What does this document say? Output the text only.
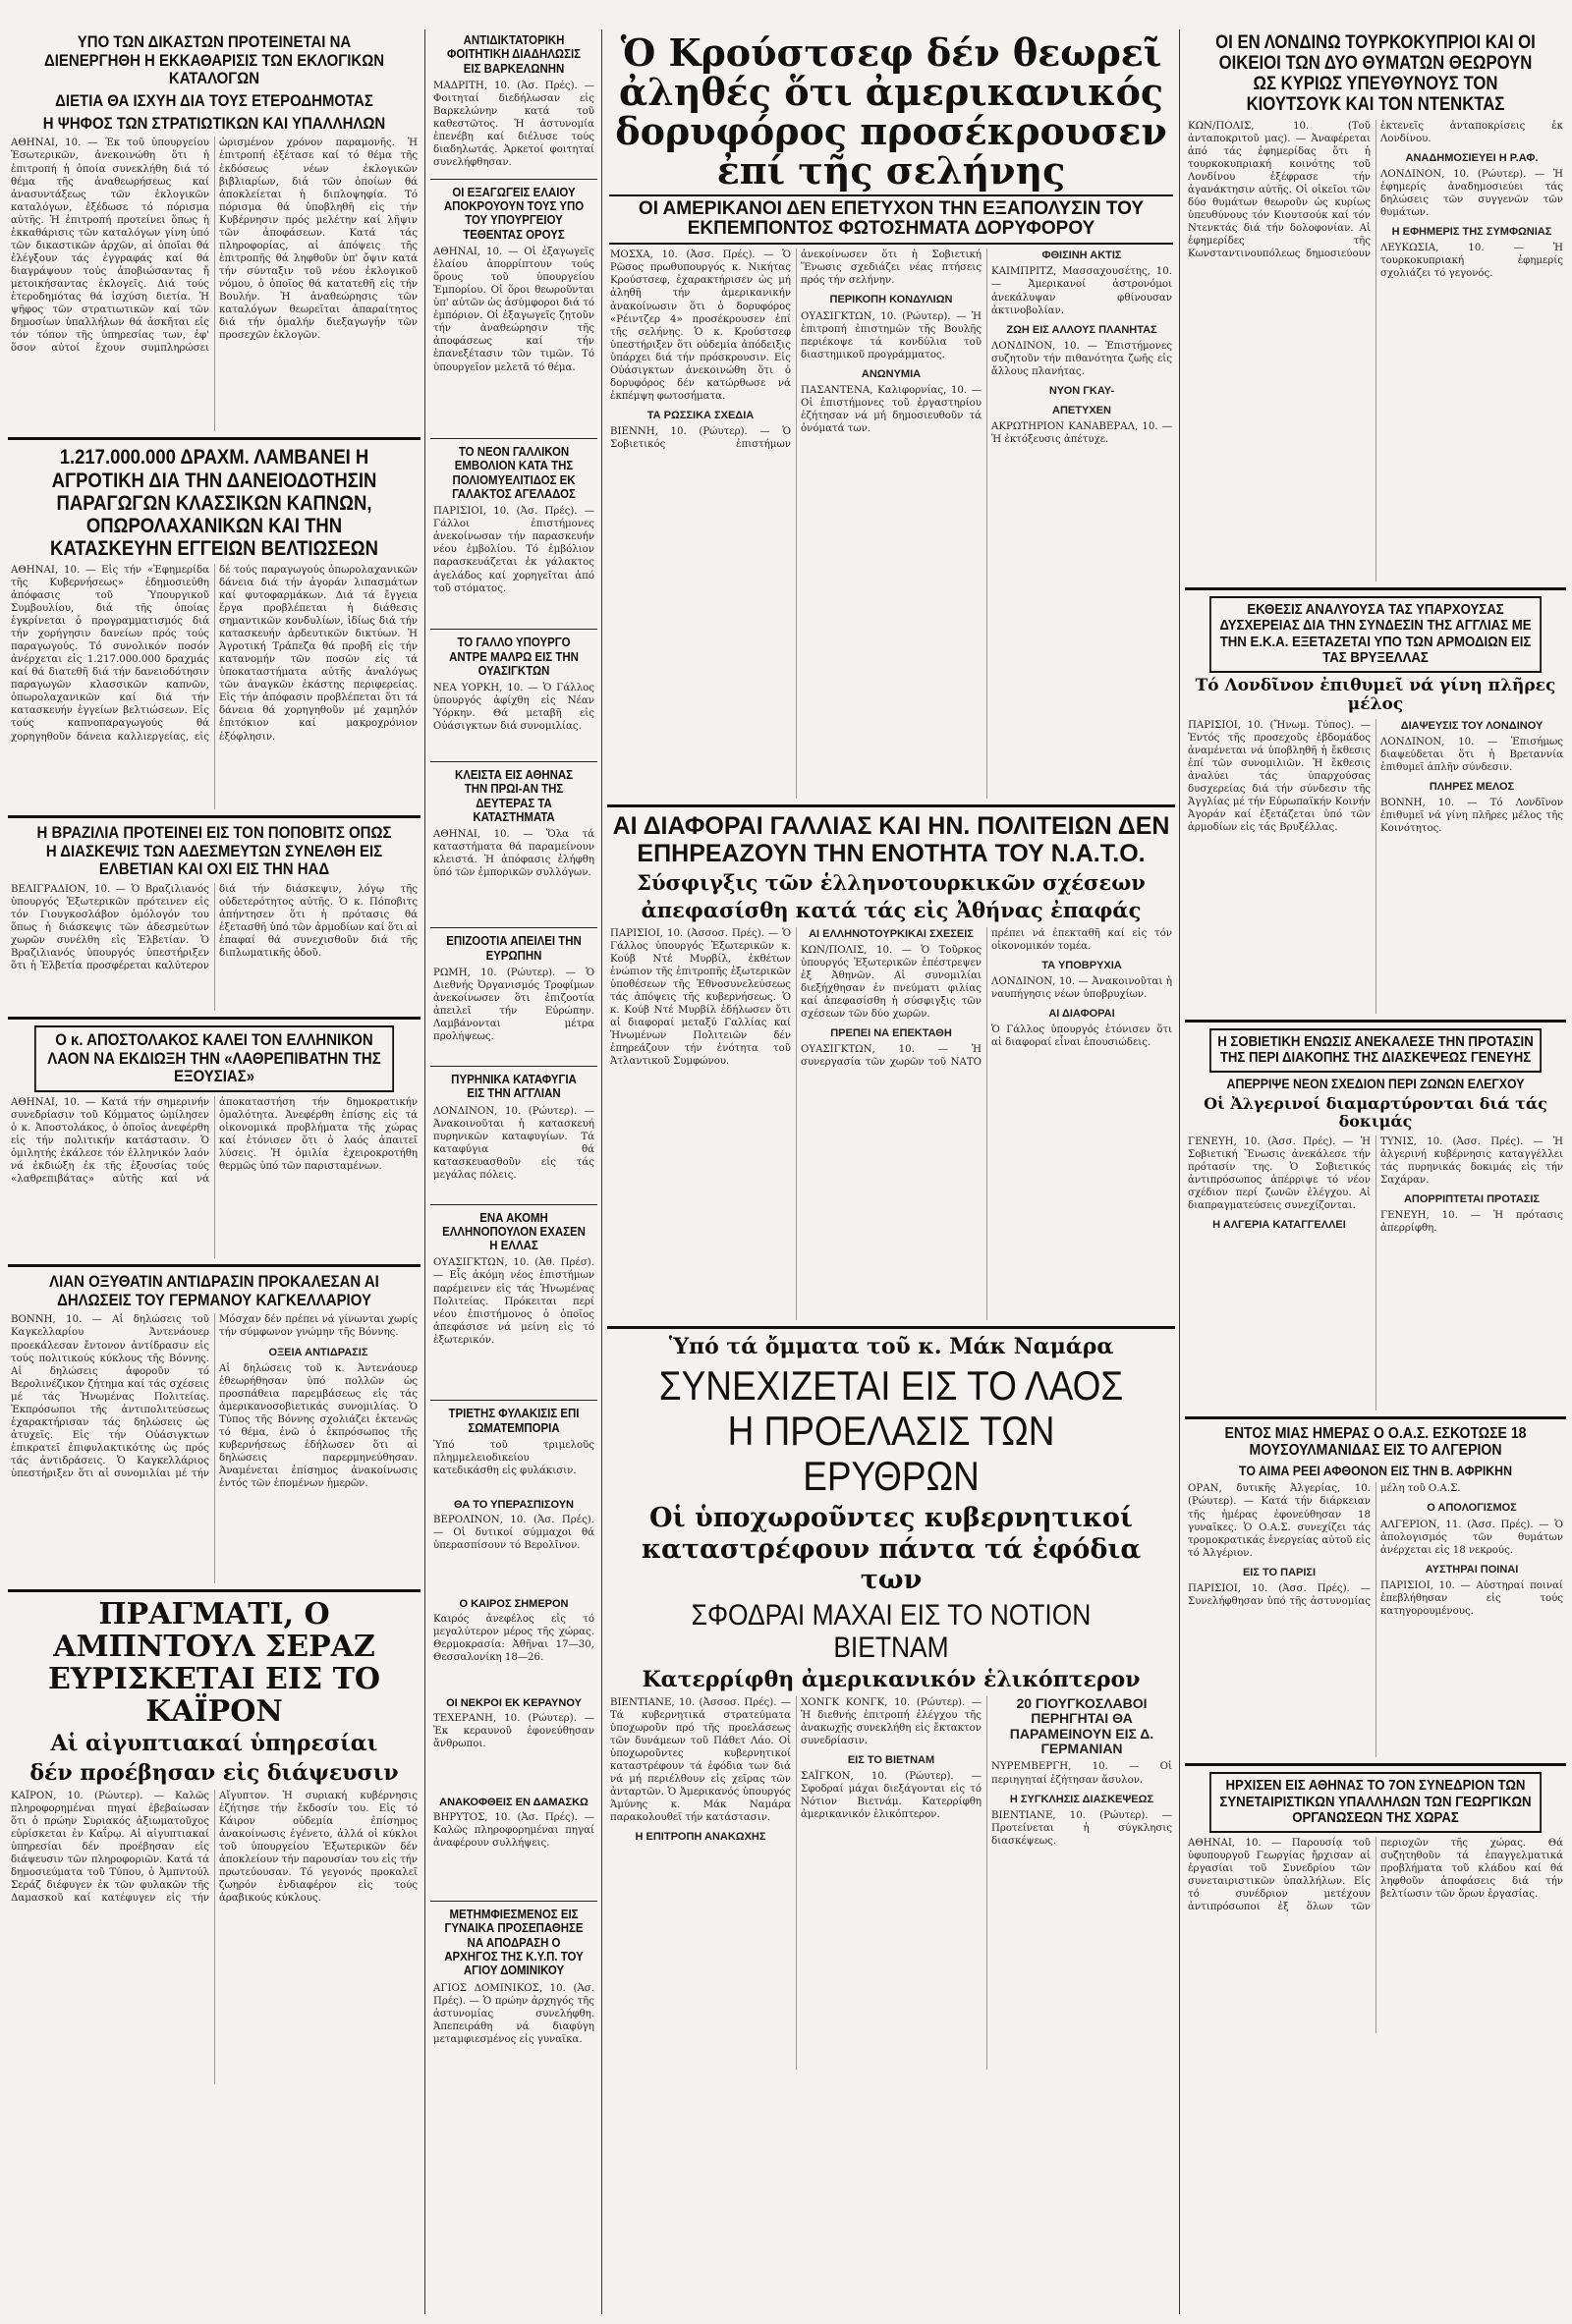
ΥΠΟ ΤΩΝ ΔΙΚΑΣΤΩΝ ΠΡΟΤΕΙΝΕΤΑΙ ΝΑ ΔΙΕΝΕΡΓΗΘΗ Η ΕΚΚΑΘΑΡΙΣΙΣ ΤΩΝ ΕΚΛΟΓΙΚΩΝ ΚΑΤΑΛΟΓΩΝ
ΔΙΕΤΙΑ ΘΑ ΙΣΧΥΗ ΔΙΑ ΤΟΥΣ ΕΤΕΡΟΔΗΜΟΤΑΣ
Η ΨΗΦΟΣ ΤΩΝ ΣΤΡΑΤΙΩΤΙΚΩΝ ΚΑΙ ΥΠΑΛΛΗΛΩΝ
ΑΘΗΝΑΙ, 10. — Έκ τοῦ ὑπουργείου Ἐσωτερικῶν, ἀνεκοινώθη ὅτι ἡ ἐπιτροπή ἡ ὁποία συνεκλήθη διά τό θέμα τῆς ἀναθεωρήσεως καί ἀνασυντάξεως τῶν ἐκλογικῶν καταλόγων, ἐξέδωσε τό πόρισμα αὐτῆς. Ἡ ἐπιτροπή προτείνει ὅπως ἡ ἐκκαθάρισις τῶν καταλόγων γίνη ὑπό τῶν δικαστικῶν ἀρχῶν, αἱ ὁποῖαι θά ἐλέγξουν τάς ἐγγραφάς καί θά διαγράψουν τούς ἀποβιώσαντας ἤ μετοικήσαντας ἐκλογεῖς. Διά τούς ἑτεροδημότας θά ἰσχύση διετία. Ἡ ψῆφος τῶν στρατιωτικῶν καί τῶν δημοσίων ὑπαλλήλων θά ἀσκῆται εἰς τόν τόπον τῆς ὑπηρεσίας των, ἐφ' ὅσον αὐτοί ἔχουν συμπληρώσει ὡρισμένον χρόνον παραμονῆς. Ἡ ἐπιτροπή ἐξέτασε καί τό θέμα τῆς ἐκδόσεως νέων ἐκλογικῶν βιβλιαρίων, διά τῶν ὁποίων θά ἀποκλείεται ἡ διπλοψηφία. Τό πόρισμα θά ὑποβληθῆ εἰς τήν Κυβέρνησιν πρός μελέτην καί λῆψιν τῶν ἀποφάσεων. Κατά τάς πληροφορίας, αἱ ἀπόψεις τῆς ἐπιτροπῆς θά ληφθοῦν ὑπ' ὄψιν κατά τήν σύνταξιν τοῦ νέου ἐκλογικοῦ νόμου, ὁ ὁποῖος θά κατατεθῆ εἰς τήν Βουλήν. Ἡ ἀναθεώρησις τῶν καταλόγων θεωρεῖται ἀπαραίτητος διά τήν ὁμαλήν διεξαγωγήν τῶν προσεχῶν ἐκλογῶν.
1.217.000.000 ΔΡΑΧΜ. ΛΑΜΒΑΝΕΙ Η ΑΓΡΟΤΙΚΗ ΔΙΑ ΤΗΝ ΔΑΝΕΙΟΔΟΤΗΣΙΝ ΠΑΡΑΓΩΓΩΝ ΚΛΑΣΣΙΚΩΝ ΚΑΠΝΩΝ, ΟΠΩΡΟΛΑΧΑΝΙΚΩΝ ΚΑΙ ΤΗΝ ΚΑΤΑΣΚΕΥΗΝ ΕΓΓΕΙΩΝ ΒΕΛΤΙΩΣΕΩΝ
ΑΘΗΝΑΙ, 10. — Εἰς τήν «Ἐφημερίδα τῆς Κυβερνήσεως» ἐδημοσιεύθη ἀπόφασις τοῦ Ὑπουργικοῦ Συμβουλίου, διά τῆς ὁποίας ἐγκρίνεται ὁ προγραμματισμός διά τήν χορήγησιν δανείων πρός τούς παραγωγούς. Τό συνολικόν ποσόν ἀνέρχεται εἰς 1.217.000.000 δραχμάς καί θά διατεθῆ διά τήν δανειοδότησιν παραγωγῶν κλασσικῶν καπνῶν, ὀπωρολαχανικῶν καί διά τήν κατασκευήν ἐγγείων βελτιώσεων. Εἰς τούς καπνοπαραγωγούς θά χορηγηθοῦν δάνεια καλλιεργείας, εἰς δέ τούς παραγωγούς ὀπωρολαχανικῶν δάνεια διά τήν ἀγοράν λιπασμάτων καί φυτοφαρμάκων. Διά τά ἔγγεια ἔργα προβλέπεται ἡ διάθεσις σημαντικῶν κονδυλίων, ἰδίως διά τήν κατασκευήν ἀρδευτικῶν δικτύων. Ἡ Ἀγροτική Τράπεζα θά προβῆ εἰς τήν κατανομήν τῶν ποσῶν εἰς τά ὑποκαταστήματα αὐτῆς ἀναλόγως τῶν ἀναγκῶν ἑκάστης περιφερείας. Εἰς τήν ἀπόφασιν προβλέπεται ὅτι τά δάνεια θά χορηγηθοῦν μέ χαμηλόν ἐπιτόκιον καί μακροχρόνιον ἐξόφλησιν.
Η ΒΡΑΖΙΛΙΑ ΠΡΟΤΕΙΝΕΙ ΕΙΣ ΤΟΝ ΠΟΠΟΒΙΤΣ ΟΠΩΣ Η ΔΙΑΣΚΕΨΙΣ ΤΩΝ ΑΔΕΣΜΕΥΤΩΝ ΣΥΝΕΛΘΗ ΕΙΣ ΕΛΒΕΤΙΑΝ ΚΑΙ ΟΧΙ ΕΙΣ ΤΗΝ ΗΑΔ
ΒΕΛΙΓΡΑΔΙΟΝ, 10. — Ὁ Βραζιλιανός ὑπουργός Ἐξωτερικῶν πρότεινεν εἰς τόν Γιουγκοσλάβον ὁμόλογόν του ὅπως ἡ διάσκεψις τῶν ἀδεσμεύτων χωρῶν συνέλθη εἰς Ἐλβετίαν. Ὁ Βραζιλιανός ὑπουργός ὑπεστήριξεν ὅτι ἡ Ἐλβετία προσφέρεται καλύτερον διά τήν διάσκεψιν, λόγῳ τῆς οὐδετερότητος αὐτῆς. Ὁ κ. Πόποβιτς ἀπήντησεν ὅτι ἡ πρότασις θά ἐξετασθῆ ὑπό τῶν ἀρμοδίων καί ὅτι αἱ ἐπαφαί θά συνεχισθοῦν διά τῆς διπλωματικῆς ὁδοῦ.
Ο κ. ΑΠΟΣΤΟΛΑΚΟΣ ΚΑΛΕΙ ΤΟΝ ΕΛΛΗΝΙΚΟΝ ΛΑΟΝ ΝΑ ΕΚΔΙΩΞΗ ΤΗΝ «ΛΑΘΡΕΠΙΒΑΤΗΝ ΤΗΣ ΕΞΟΥΣΙΑΣ»
ΑΘΗΝΑΙ, 10. — Κατά τήν σημερινήν συνεδρίασιν τοῦ Κόμματος ὡμίλησεν ὁ κ. Ἀποστολάκος, ὁ ὁποῖος ἀνεφέρθη εἰς τήν πολιτικήν κατάστασιν. Ὁ ὁμιλητής ἐκάλεσε τόν ἑλληνικόν λαόν νά ἐκδιώξη ἐκ τῆς ἐξουσίας τούς «λαθρεπιβάτας» αὐτῆς καί νά ἀποκαταστήση τήν δημοκρατικήν ὁμαλότητα. Ἀνεφέρθη ἐπίσης εἰς τά οἰκονομικά προβλήματα τῆς χώρας καί ἐτόνισεν ὅτι ὁ λαός ἀπαιτεῖ λύσεις. Ἡ ὁμιλία ἐχειροκροτήθη θερμῶς ὑπό τῶν παρισταμένων.
ΛΙΑΝ ΟΞΥΘΑΤΙΝ ΑΝΤΙΔΡΑΣΙΝ ΠΡΟΚΑΛΕΣΑΝ ΑΙ ΔΗΛΩΣΕΙΣ ΤΟΥ ΓΕΡΜΑΝΟΥ ΚΑΓΚΕΛΛΑΡΙΟΥ
ΒΟΝΝΗ, 10. — Αἱ δηλώσεις τοῦ Καγκελλαρίου Ἀντενάουερ προεκάλεσαν ἔντονον ἀντίδρασιν εἰς τούς πολιτικούς κύκλους τῆς Βόννης. Αἱ δηλώσεις ἀφοροῦν τό Βερολινέζικον ζήτημα καί τάς σχέσεις μέ τάς Ἡνωμένας Πολιτείας. Ἐκπρόσωποι τῆς ἀντιπολιτεύσεως ἐχαρακτήρισαν τάς δηλώσεις ὡς ἀτυχεῖς. Εἰς τήν Οὐάσιγκτων ἐπικρατεῖ ἐπιφυλακτικότης ὡς πρός τάς ἀντιδράσεις. Ὁ Καγκελλάριος ὑπεστήριξεν ὅτι αἱ συνομιλίαι μέ τήν Μόσχαν δέν πρέπει νά γίνωνται χωρίς τήν σύμφωνον γνώμην τῆς Βόννης.
ΟΞΕΙΑ ΑΝΤΙΔΡΑΣΙΣ
Αἱ δηλώσεις τοῦ κ. Ἀντενάουερ ἐθεωρήθησαν ὑπό πολλῶν ὡς προσπάθεια παρεμβάσεως εἰς τάς ἀμερικανοσοβιετικάς συνομιλίας. Ὁ Τύπος τῆς Βόννης σχολιάζει ἐκτενῶς τό θέμα, ἐνῶ ὁ ἐκπρόσωπος τῆς κυβερνήσεως ἐδήλωσεν ὅτι αἱ δηλώσεις παρερμηνεύθησαν. Ἀναμένεται ἐπίσημος ἀνακοίνωσις ἐντός τῶν ἑπομένων ἡμερῶν.
ΠΡΑΓΜΑΤΙ, Ο ΑΜΠΝΤΟΥΛ ΣΕΡΑΖ ΕΥΡΙΣΚΕΤΑΙ ΕΙΣ ΤΟ ΚΑΪΡΟΝ
Αἱ αἰγυπτιακαί ὑπηρεσίαι
δέν προέβησαν εἰς διάψευσιν
ΚΑΪΡΟΝ, 10. (Ρώυτερ). — Καλῶς πληροφορημέναι πηγαί ἐβεβαίωσαν ὅτι ὁ πρώην Συριακός ἀξιωματοῦχος εὑρίσκεται ἐν Καΐρῳ. Αἱ αἰγυπτιακαί ὑπηρεσίαι δέν προέβησαν εἰς διάψευσιν τῶν πληροφοριῶν. Κατά τά δημοσιεύματα τοῦ Τύπου, ὁ Ἀμπντούλ Σεράζ διέφυγεν ἐκ τῶν φυλακῶν τῆς Δαμασκοῦ καί κατέφυγεν εἰς τήν Αἴγυπτον. Ἡ συριακή κυβέρνησις ἐζήτησε τήν ἔκδοσίν του. Εἰς τό Κάιρον οὐδεμία ἐπίσημος ἀνακοίνωσις ἐγένετο, ἀλλά οἱ κύκλοι τοῦ ὑπουργείου Ἐξωτερικῶν δέν ἀποκλείουν τήν παρουσίαν του εἰς τήν πρωτεύουσαν. Τό γεγονός προκαλεῖ ζωηρόν ἐνδιαφέρον εἰς τούς ἀραβικούς κύκλους.
ΑΝΤΙΔΙΚΤΑΤΟΡΙΚΗ ΦΟΙΤΗΤΙΚΗ ΔΙΑΔΗΛΩΣΙΣ ΕΙΣ ΒΑΡΚΕΛΩΝΗΝ
ΜΑΔΡΙΤΗ, 10. (Ἀσ. Πρές). — Φοιτηταί διεδήλωσαν εἰς Βαρκελώνην κατά τοῦ καθεστῶτος. Ἡ ἀστυνομία ἐπενέβη καί διέλυσε τούς διαδηλωτάς. Ἀρκετοί φοιτηταί συνελήφθησαν.
ΟΙ ΕΞΑΓΩΓΕΙΣ ΕΛΑΙΟΥ ΑΠΟΚΡΟΥΟΥΝ ΤΟΥΣ ΥΠΟ ΤΟΥ ΥΠΟΥΡΓΕΙΟΥ ΤΕΘΕΝΤΑΣ ΟΡΟΥΣ
ΑΘΗΝΑΙ, 10. — Οἱ ἐξαγωγεῖς ἐλαίου ἀπορρίπτουν τούς ὅρους τοῦ ὑπουργείου Ἐμπορίου. Οἱ ὅροι θεωροῦνται ὑπ' αὐτῶν ὡς ἀσύμφοροι διά τό ἐμπόριον. Οἱ ἐξαγωγεῖς ζητοῦν τήν ἀναθεώρησιν τῆς ἀποφάσεως καί τήν ἐπανεξέτασιν τῶν τιμῶν. Τό ὑπουργεῖον μελετᾶ τό θέμα.
ΤΟ ΝΕΟΝ ΓΑΛΛΙΚΟΝ ΕΜΒΟΛΙΟΝ ΚΑΤΑ ΤΗΣ ΠΟΛΙΟΜΥΕΛΙΤΙΔΟΣ ΕΚ ΓΑΛΑΚΤΟΣ ΑΓΕΛΑΔΟΣ
ΠΑΡΙΣΙΟΙ, 10. (Ἀσ. Πρές). — Γάλλοι ἐπιστήμονες ἀνεκοίνωσαν τήν παρασκευήν νέου ἐμβολίου. Τό ἐμβόλιον παρασκευάζεται ἐκ γάλακτος ἀγελάδος καί χορηγεῖται ἀπό τοῦ στόματος.
ΤΟ ΓΑΛΛΟ ΥΠΟΥΡΓΟ ΑΝΤΡΕ ΜΑΛΡΩ ΕΙΣ ΤΗΝ ΟΥΑΣΙΓΚΤΩΝ
ΝΕΑ ΥΟΡΚΗ, 10. — Ὁ Γάλλος ὑπουργός ἀφίχθη εἰς Νέαν Ὑόρκην. Θά μεταβῆ εἰς Οὐάσιγκτων διά συνομιλίας.
ΚΛΕΙΣΤΑ ΕΙΣ ΑΘΗΝΑΣ ΤΗΝ ΠΡΩΙ-ΑΝ ΤΗΣ ΔΕΥΤΕΡΑΣ ΤΑ ΚΑΤΑΣΤΗΜΑΤΑ
ΑΘΗΝΑΙ, 10. — Ὅλα τά καταστήματα θά παραμείνουν κλειστά. Ἡ ἀπόφασις ἐλήφθη ὑπό τῶν ἐμπορικῶν συλλόγων.
ΕΠΙΖΟΟΤΙΑ ΑΠΕΙΛΕΙ ΤΗΝ ΕΥΡΩΠΗΝ
ΡΩΜΗ, 10. (Ρώυτερ). — Ὁ Διεθνής Ὀργανισμός Τροφίμων ἀνεκοίνωσεν ὅτι ἐπιζοοτία ἀπειλεῖ τήν Εὐρώπην. Λαμβάνονται μέτρα προλήψεως.
ΠΥΡΗΝΙΚΑ ΚΑΤΑΦΥΓΙΑ ΕΙΣ ΤΗΝ ΑΓΓΛΙΑΝ
ΛΟΝΔΙΝΟΝ, 10. (Ρώυτερ). — Ἀνακοινοῦται ἡ κατασκευή πυρηνικῶν καταφυγίων. Τά καταφύγια θά κατασκευασθοῦν εἰς τάς μεγάλας πόλεις.
ΕΝΑ ΑΚΟΜΗ ΕΛΛΗΝΟΠΟΥΛΟΝ ΕΧΑΣΕΝ Η ΕΛΛΑΣ
ΟΥΑΣΙΓΚΤΩΝ, 10. (Ἀθ. Πρέσ). — Εἷς ἀκόμη νέος ἐπιστήμων παρέμεινεν εἰς τάς Ἡνωμένας Πολιτείας. Πρόκειται περί νέου ἐπιστήμονος ὁ ὁποῖος ἀπεφάσισε νά μείνη εἰς τό ἐξωτερικόν.
ΤΡΙΕΤΗΣ ΦΥΛΑΚΙΣΙΣ ΕΠΙ ΣΩΜΑΤΕΜΠΟΡΙΑ
Ὑπό τοῦ τριμελοῦς πλημμελειοδικείου κατεδικάσθη εἰς φυλάκισιν.
ΘΑ ΤΟ ΥΠΕΡΑΣΠΙΣΟΥΝ
ΒΕΡΟΛΙΝΟΝ, 10. (Ἀσ. Πρές). — Οἱ δυτικοί σύμμαχοι θά ὑπερασπίσουν τό Βερολῖνον.
Ο ΚΑΙΡΟΣ ΣΗΜΕΡΟΝ
Καιρός ἀνεφέλος εἰς τό μεγαλύτερον μέρος τῆς χώρας. Θερμοκρασία: Ἀθῆναι 17—30, Θεσσαλονίκη 18—26.
ΟΙ ΝΕΚΡΟΙ ΕΚ ΚΕΡΑΥΝΟΥ
ΤΕΧΕΡΑΝΗ, 10. (Ρώυτερ). — Ἐκ κεραυνοῦ ἐφονεύθησαν ἄνθρωποι.
ΑΝΑΚΟΦΘΕΙΣ ΕΝ ΔΑΜΑΣΚΩ
ΒΗΡΥΤΟΣ, 10. (Ἀσ. Πρές). — Καλῶς πληροφορημέναι πηγαί ἀναφέρουν συλλήψεις.
ΜΕΤΗΜΦΙΕΣΜΕΝΟΣ ΕΙΣ ΓΥΝΑΙΚΑ ΠΡΟΣΕΠΑΘΗΣΕ ΝΑ ΑΠΟΔΡΑΣΗ Ο ΑΡΧΗΓΟΣ ΤΗΣ Κ.Υ.Π. ΤΟΥ ΑΓΙΟΥ ΔΟΜΙΝΙΚΟΥ
ΑΓΙΟΣ ΔΟΜΙΝΙΚΟΣ, 10. (Ἀσ. Πρές). — Ὁ πρώην ἀρχηγός τῆς ἀστυνομίας συνελήφθη. Ἀπεπειράθη νά διαφύγη μεταμφιεσμένος εἰς γυναῖκα.
Ὁ Κρούστσεφ δέν θεωρεῖ ἀληθές ὅτι ἀμερικανικός δορυφόρος προσέκρουσεν ἐπί τῆς σελήνης
ΟΙ ΑΜΕΡΙΚΑΝΟΙ ΔΕΝ ΕΠΕΤΥΧΟΝ ΤΗΝ ΕΞΑΠΟΛΥΣΙΝ ΤΟΥ ΕΚΠΕΜΠΟΝΤΟΣ ΦΩΤΟΣΗΜΑΤΑ ΔΟΡΥΦΟΡΟΥ
ΜΟΣΧΑ, 10. (Ἀσσ. Πρές). — Ὁ Ρῶσος πρωθυπουργός κ. Νικήτας Κρούστσεφ, ἐχαρακτήρισεν ὡς μή ἀληθῆ τήν ἀμερικανικήν ἀνακοίνωσιν ὅτι ὁ δορυφόρος «Ρέιντζερ 4» προσέκρουσεν ἐπί τῆς σελήνης. Ὁ κ. Κρούστσεφ ὑπεστήριξεν ὅτι οὐδεμία ἀπόδειξις ὑπάρχει διά τήν πρόσκρουσιν. Εἰς Οὐάσιγκτων ἀνεκοινώθη ὅτι ὁ δορυφόρος δέν κατώρθωσε νά ἐκπέμψη φωτοσήματα.
ΤΑ ΡΩΣΣΙΚΑ ΣΧΕΔΙΑ
ΒΙΕΝΝΗ, 10. (Ρώυτερ). — Ὁ Σοβιετικός ἐπιστήμων ἀνεκοίνωσεν ὅτι ἡ Σοβιετική Ἕνωσις σχεδιάζει νέας πτήσεις πρός τήν σελήνην.
ΠΕΡΙΚΟΠΗ ΚΟΝΔΥΛΙΩΝ
ΟΥΑΣΙΓΚΤΩΝ, 10. (Ρώυτερ). — Ἡ ἐπιτροπή ἐπιστημῶν τῆς Βουλῆς περιέκοψε τά κονδύλια τοῦ διαστημικοῦ προγράμματος.
ΑΝΩΝΥΜΙΑ
ΠΑΣΑΝΤΕΝΑ, Καλιφορνίας, 10. — Οἱ ἐπιστήμονες τοῦ ἐργαστηρίου ἐζήτησαν νά μή δημοσιευθοῦν τά ὀνόματά των.
ΦΘΙΣΙΝΗ ΑΚΤΙΣ
ΚΑΙΜΠΡΙΤΖ, Μασσαχουσέτης, 10. — Ἀμερικανοί ἀστρονόμοι ἀνεκάλυψαν φθίνουσαν ἀκτινοβολίαν.
ΖΩΗ ΕΙΣ ΑΛΛΟΥΣ ΠΛΑΝΗΤΑΣ
ΛΟΝΔΙΝΟΝ, 10. — Ἐπιστήμονες συζητοῦν τήν πιθανότητα ζωῆς εἰς ἄλλους πλανήτας.
ΝΥΟΝ ΓΚΑΥ-
ΑΠΕΤΥΧΕΝ
ΑΚΡΩΤΗΡΙΟΝ ΚΑΝΑΒΕΡΑΛ, 10. — Ἡ ἐκτόξευσις ἀπέτυχε.
ΑΙ ΔΙΑΦΟΡΑΙ ΓΑΛΛΙΑΣ ΚΑΙ ΗΝ. ΠΟΛΙΤΕΙΩΝ ΔΕΝ ΕΠΗΡΕΑΖΟΥΝ ΤΗΝ ΕΝΟΤΗΤΑ ΤΟΥ Ν.Α.Τ.Ο.
Σύσφιγξις τῶν ἑλληνοτουρκικῶν σχέσεων
ἀπεφασίσθη κατά τάς εἰς Ἀθήνας ἐπαφάς
ΠΑΡΙΣΙΟΙ, 10. (Ἀσσοσ. Πρές). — Ὁ Γάλλος ὑπουργός Ἐξωτερικῶν κ. Κούβ Ντέ Μυρβίλ, ἐκθέτων ἐνώπιον τῆς ἐπιτροπῆς ἐξωτερικῶν ὑποθέσεων τῆς Ἐθνοσυνελεύσεως τάς ἀπόψεις τῆς κυβερνήσεως. Ὁ κ. Κούβ Ντέ Μυρβίλ ἐδήλωσεν ὅτι αἱ διαφοραί μεταξύ Γαλλίας καί Ἡνωμένων Πολιτειῶν δέν ἐπηρεάζουν τήν ἑνότητα τοῦ Ἀτλαντικοῦ Συμφώνου.
ΑΙ ΕΛΛΗΝΟΤΟΥΡΚΙΚΑΙ ΣΧΕΣΕΙΣ
ΚΩΝ/ΠΟΛΙΣ, 10. — Ὁ Τοῦρκος ὑπουργός Ἐξωτερικῶν ἐπέστρεψεν ἐξ Ἀθηνῶν. Αἱ συνομιλίαι διεξήχθησαν ἐν πνεύματι φιλίας καί ἀπεφασίσθη ἡ σύσφιγξις τῶν σχέσεων τῶν δύο χωρῶν.
ΠΡΕΠΕΙ ΝΑ ΕΠΕΚΤΑΘΗ
ΟΥΑΣΙΓΚΤΩΝ, 10. — Ἡ συνεργασία τῶν χωρῶν τοῦ ΝΑΤΟ πρέπει νά ἐπεκταθῆ καί εἰς τόν οἰκονομικόν τομέα.
ΤΑ ΥΠΟΒΡΥΧΙΑ
ΛΟΝΔΙΝΟΝ, 10. — Ἀνακοινοῦται ἡ ναυπήγησις νέων ὑποβρυχίων.
ΑΙ ΔΙΑΦΟΡΑΙ
Ὁ Γάλλος ὑπουργός ἐτόνισεν ὅτι αἱ διαφοραί εἶναι ἐπουσιώδεις.
Ὑπό τά ὄμματα τοῦ κ. Μάκ Ναμάρα
ΣΥΝΕΧΙΖΕΤΑΙ ΕΙΣ ΤΟ ΛΑΟΣ Η ΠΡΟΕΛΑΣΙΣ ΤΩΝ ΕΡΥΘΡΩΝ
Οἱ ὑποχωροῦντες κυβερνητικοί καταστρέφουν πάντα τά ἐφόδια των
ΣΦΟΔΡΑΙ ΜΑΧΑΙ ΕΙΣ ΤΟ ΝΟΤΙΟΝ ΒΙΕΤΝΑΜ
Κατερρίφθη ἀμερικανικόν ἑλικόπτερον
ΒΙΕΝΤΙΑΝΕ, 10. (Ἀσσοσ. Πρές). — Τά κυβερνητικά στρατεύματα ὑποχωροῦν πρό τῆς προελάσεως τῶν δυνάμεων τοῦ Πάθετ Λάο. Οἱ ὑποχωροῦντες κυβερνητικοί καταστρέφουν τά ἐφόδια των διά νά μή περιέλθουν εἰς χεῖρας τῶν ἀνταρτῶν. Ὁ Ἀμερικανός ὑπουργός Ἀμύνης κ. Μάκ Ναμάρα παρακολουθεῖ τήν κατάστασιν.
Η ΕΠΙΤΡΟΠΗ ΑΝΑΚΩΧΗΣ
ΧΟΝΓΚ ΚΟΝΓΚ, 10. (Ρώυτερ). — Ἡ διεθνής ἐπιτροπή ἐλέγχου τῆς ἀνακωχῆς συνεκλήθη εἰς ἔκτακτον συνεδρίασιν.
ΕΙΣ ΤΟ ΒΙΕΤΝΑΜ
ΣΑΪΓΚΟΝ, 10. (Ρώυτερ). — Σφοδραί μάχαι διεξάγονται εἰς τό Νότιον Βιετνάμ. Κατερρίφθη ἀμερικανικόν ἑλικόπτερον.
20 ΓΙΟΥΓΚΟΣΛΑΒΟΙ ΠΕΡΗΓΗΤΑΙ ΘΑ ΠΑΡΑΜΕΙΝΟΥΝ ΕΙΣ Δ. ΓΕΡΜΑΝΙΑΝ
ΝΥΡΕΜΒΕΡΓΗ, 10. — Οἱ περιηγηταί ἐζήτησαν ἄσυλον.
Η ΣΥΓΚΛΗΣΙΣ ΔΙΑΣΚΕΨΕΩΣ
ΒΙΕΝΤΙΑΝΕ, 10. (Ρώυτερ). — Προτείνεται ἡ σύγκλησις διασκέψεως.
ΟΙ ΕΝ ΛΟΝΔΙΝΩ ΤΟΥΡΚΟΚΥΠΡΙΟΙ ΚΑΙ ΟΙ ΟΙΚΕΙΟΙ ΤΩΝ ΔΥΟ ΘΥΜΑΤΩΝ ΘΕΩΡΟΥΝ ΩΣ ΚΥΡΙΩΣ ΥΠΕΥΘΥΝΟΥΣ ΤΟΝ ΚΙΟΥΤΣΟΥΚ ΚΑΙ ΤΟΝ ΝΤΕΝΚΤΑΣ
ΚΩΝ/ΠΟΛΙΣ, 10. (Τοῦ ἀνταποκριτοῦ μας). — Ἀναφέρεται ἀπό τάς ἐφημερίδας ὅτι ἡ τουρκοκυπριακή κοινότης τοῦ Λονδίνου ἐξέφρασε τήν ἀγανάκτησιν αὐτῆς. Οἱ οἰκεῖοι τῶν δύο θυμάτων θεωροῦν ὡς κυρίως ὑπευθύνους τόν Κιουτσούκ καί τόν Ντενκτάς διά τήν δολοφονίαν. Αἱ ἐφημερίδες τῆς Κωνσταντινουπόλεως δημοσιεύουν ἐκτενεῖς ἀνταποκρίσεις ἐκ Λονδίνου.
ΑΝΑΔΗΜΟΣΙΕΥΕΙ Η Ρ.ΑΦ.
ΛΟΝΔΙΝΟΝ, 10. (Ρώυτερ). — Ἡ ἐφημερίς ἀναδημοσιεύει τάς δηλώσεις τῶν συγγενῶν τῶν θυμάτων.
Η ΕΦΗΜΕΡΙΣ ΤΗΣ ΣΥΜΦΩΝΙΑΣ
ΛΕΥΚΩΣΙΑ, 10. — Ἡ τουρκοκυπριακή ἐφημερίς σχολιάζει τό γεγονός.
ΕΚΘΕΣΙΣ ΑΝΑΛΥΟΥΣΑ ΤΑΣ ΥΠΑΡΧΟΥΣΑΣ ΔΥΣΧΕΡΕΙΑΣ ΔΙΑ ΤΗΝ ΣΥΝΔΕΣΙΝ ΤΗΣ ΑΓΓΛΙΑΣ ΜΕ ΤΗΝ Ε.Κ.Α. ΕΞΕΤΑΖΕΤΑΙ ΥΠΟ ΤΩΝ ΑΡΜΟΔΙΩΝ ΕΙΣ ΤΑΣ ΒΡΥΞΕΛΛΑΣ
Τό Λονδῖνον ἐπιθυμεῖ νά γίνη πλῆρες μέλος
ΠΑΡΙΣΙΟΙ, 10. (Ἤνωμ. Τύπος). — Ἐντός τῆς προσεχοῦς ἑβδομάδος ἀναμένεται νά ὑποβληθῆ ἡ ἔκθεσις ἐπί τῶν συνομιλιῶν. Ἡ ἔκθεσις ἀναλύει τάς ὑπαρχούσας δυσχερείας διά τήν σύνδεσιν τῆς Ἀγγλίας μέ τήν Εὐρωπαϊκήν Κοινήν Ἀγοράν καί ἐξετάζεται ὑπό τῶν ἀρμοδίων εἰς τάς Βρυξέλλας.
ΔΙΑΨΕΥΣΙΣ ΤΟΥ ΛΟΝΔΙΝΟΥ
ΛΟΝΔΙΝΟΝ, 10. — Ἐπισήμως διαψεύδεται ὅτι ἡ Βρεταννία ἐπιθυμεῖ ἁπλῆν σύνδεσιν.
ΠΛΗΡΕΣ ΜΕΛΟΣ
ΒΟΝΝΗ, 10. — Τό Λονδῖνον ἐπιθυμεῖ νά γίνη πλῆρες μέλος τῆς Κοινότητος.
Η ΣΟΒΙΕΤΙΚΗ ΕΝΩΣΙΣ ΑΝΕΚΑΛΕΣΕ ΤΗΝ ΠΡΟΤΑΣΙΝ ΤΗΣ ΠΕΡΙ ΔΙΑΚΟΠΗΣ ΤΗΣ ΔΙΑΣΚΕΨΕΩΣ ΓΕΝΕΥΗΣ
ΑΠΕΡΡΙΨΕ ΝΕΟΝ ΣΧΕΔΙΟΝ ΠΕΡΙ ΖΩΝΩΝ ΕΛΕΓΧΟΥ
Οἱ Ἀλγερινοί διαμαρτύρονται διά τάς δοκιμάς
ΓΕΝΕΥΗ, 10. (Ἀσσ. Πρές). — Ἡ Σοβιετική Ἕνωσις ἀνεκάλεσε τήν πρότασίν της. Ὁ Σοβιετικός ἀντιπρόσωπος ἀπέρριψε τό νέον σχέδιον περί ζωνῶν ἐλέγχου. Αἱ διαπραγματεύσεις συνεχίζονται.
Η ΑΛΓΕΡΙΑ ΚΑΤΑΓΓΕΛΛΕΙ
ΤΥΝΙΣ, 10. (Ἀσσ. Πρές). — Ἡ ἀλγερινή κυβέρνησις καταγγέλλει τάς πυρηνικάς δοκιμάς εἰς τήν Σαχάραν.
ΑΠΟΡΡΙΠΤΕΤΑΙ ΠΡΟΤΑΣΙΣ
ΓΕΝΕΥΗ, 10. — Ἡ πρότασις ἀπερρίφθη.
ΕΝΤΟΣ ΜΙΑΣ ΗΜΕΡΑΣ Ο Ο.Α.Σ. ΕΣΚΟΤΩΣΕ 18 ΜΟΥΣΟΥΛΜΑΝΙΔΑΣ ΕΙΣ ΤΟ ΑΛΓΕΡΙΟΝ
ΤΟ ΑΙΜΑ ΡΕΕΙ ΑΦΘΟΝΟΝ ΕΙΣ ΤΗΝ Β. ΑΦΡΙΚΗΝ
ΟΡΑΝ, δυτικῆς Ἀλγερίας, 10. (Ρώυτερ). — Κατά τήν διάρκειαν τῆς ἡμέρας ἐφονεύθησαν 18 γυναῖκες. Ὁ Ο.Α.Σ. συνεχίζει τάς τρομοκρατικάς ἐνεργείας αὐτοῦ εἰς τό Ἀλγέριον.
ΕΙΣ ΤΟ ΠΑΡΙΣΙ
ΠΑΡΙΣΙΟΙ, 10. (Ἀσσ. Πρές). — Συνελήφθησαν ὑπό τῆς ἀστυνομίας μέλη τοῦ Ο.Α.Σ.
Ο ΑΠΟΛΟΓΙΣΜΟΣ
ΑΛΓΕΡΙΟΝ, 11. (Ἀσσ. Πρές). — Ὁ ἀπολογισμός τῶν θυμάτων ἀνέρχεται εἰς 18 νεκρούς.
ΑΥΣΤΗΡΑΙ ΠΟΙΝΑΙ
ΠΑΡΙΣΙΟΙ, 10. — Αὐστηραί ποιναί ἐπεβλήθησαν εἰς τούς κατηγορουμένους.
ΗΡΧΙΣΕΝ ΕΙΣ ΑΘΗΝΑΣ ΤΟ 7ΟΝ ΣΥΝΕΔΡΙΟΝ ΤΩΝ ΣΥΝΕΤΑΙΡΙΣΤΙΚΩΝ ΥΠΑΛΛΗΛΩΝ ΤΩΝ ΓΕΩΡΓΙΚΩΝ ΟΡΓΑΝΩΣΕΩΝ ΤΗΣ ΧΩΡΑΣ
ΑΘΗΝΑΙ, 10. — Παρουσίᾳ τοῦ ὑφυπουργοῦ Γεωργίας ἤρχισαν αἱ ἐργασίαι τοῦ Συνεδρίου τῶν συνεταιριστικῶν ὑπαλλήλων. Εἰς τό συνέδριον μετέχουν ἀντιπρόσωποι ἐξ ὅλων τῶν περιοχῶν τῆς χώρας. Θά συζητηθοῦν τά ἐπαγγελματικά προβλήματα τοῦ κλάδου καί θά ληφθοῦν ἀποφάσεις διά τήν βελτίωσιν τῶν ὅρων ἐργασίας.
